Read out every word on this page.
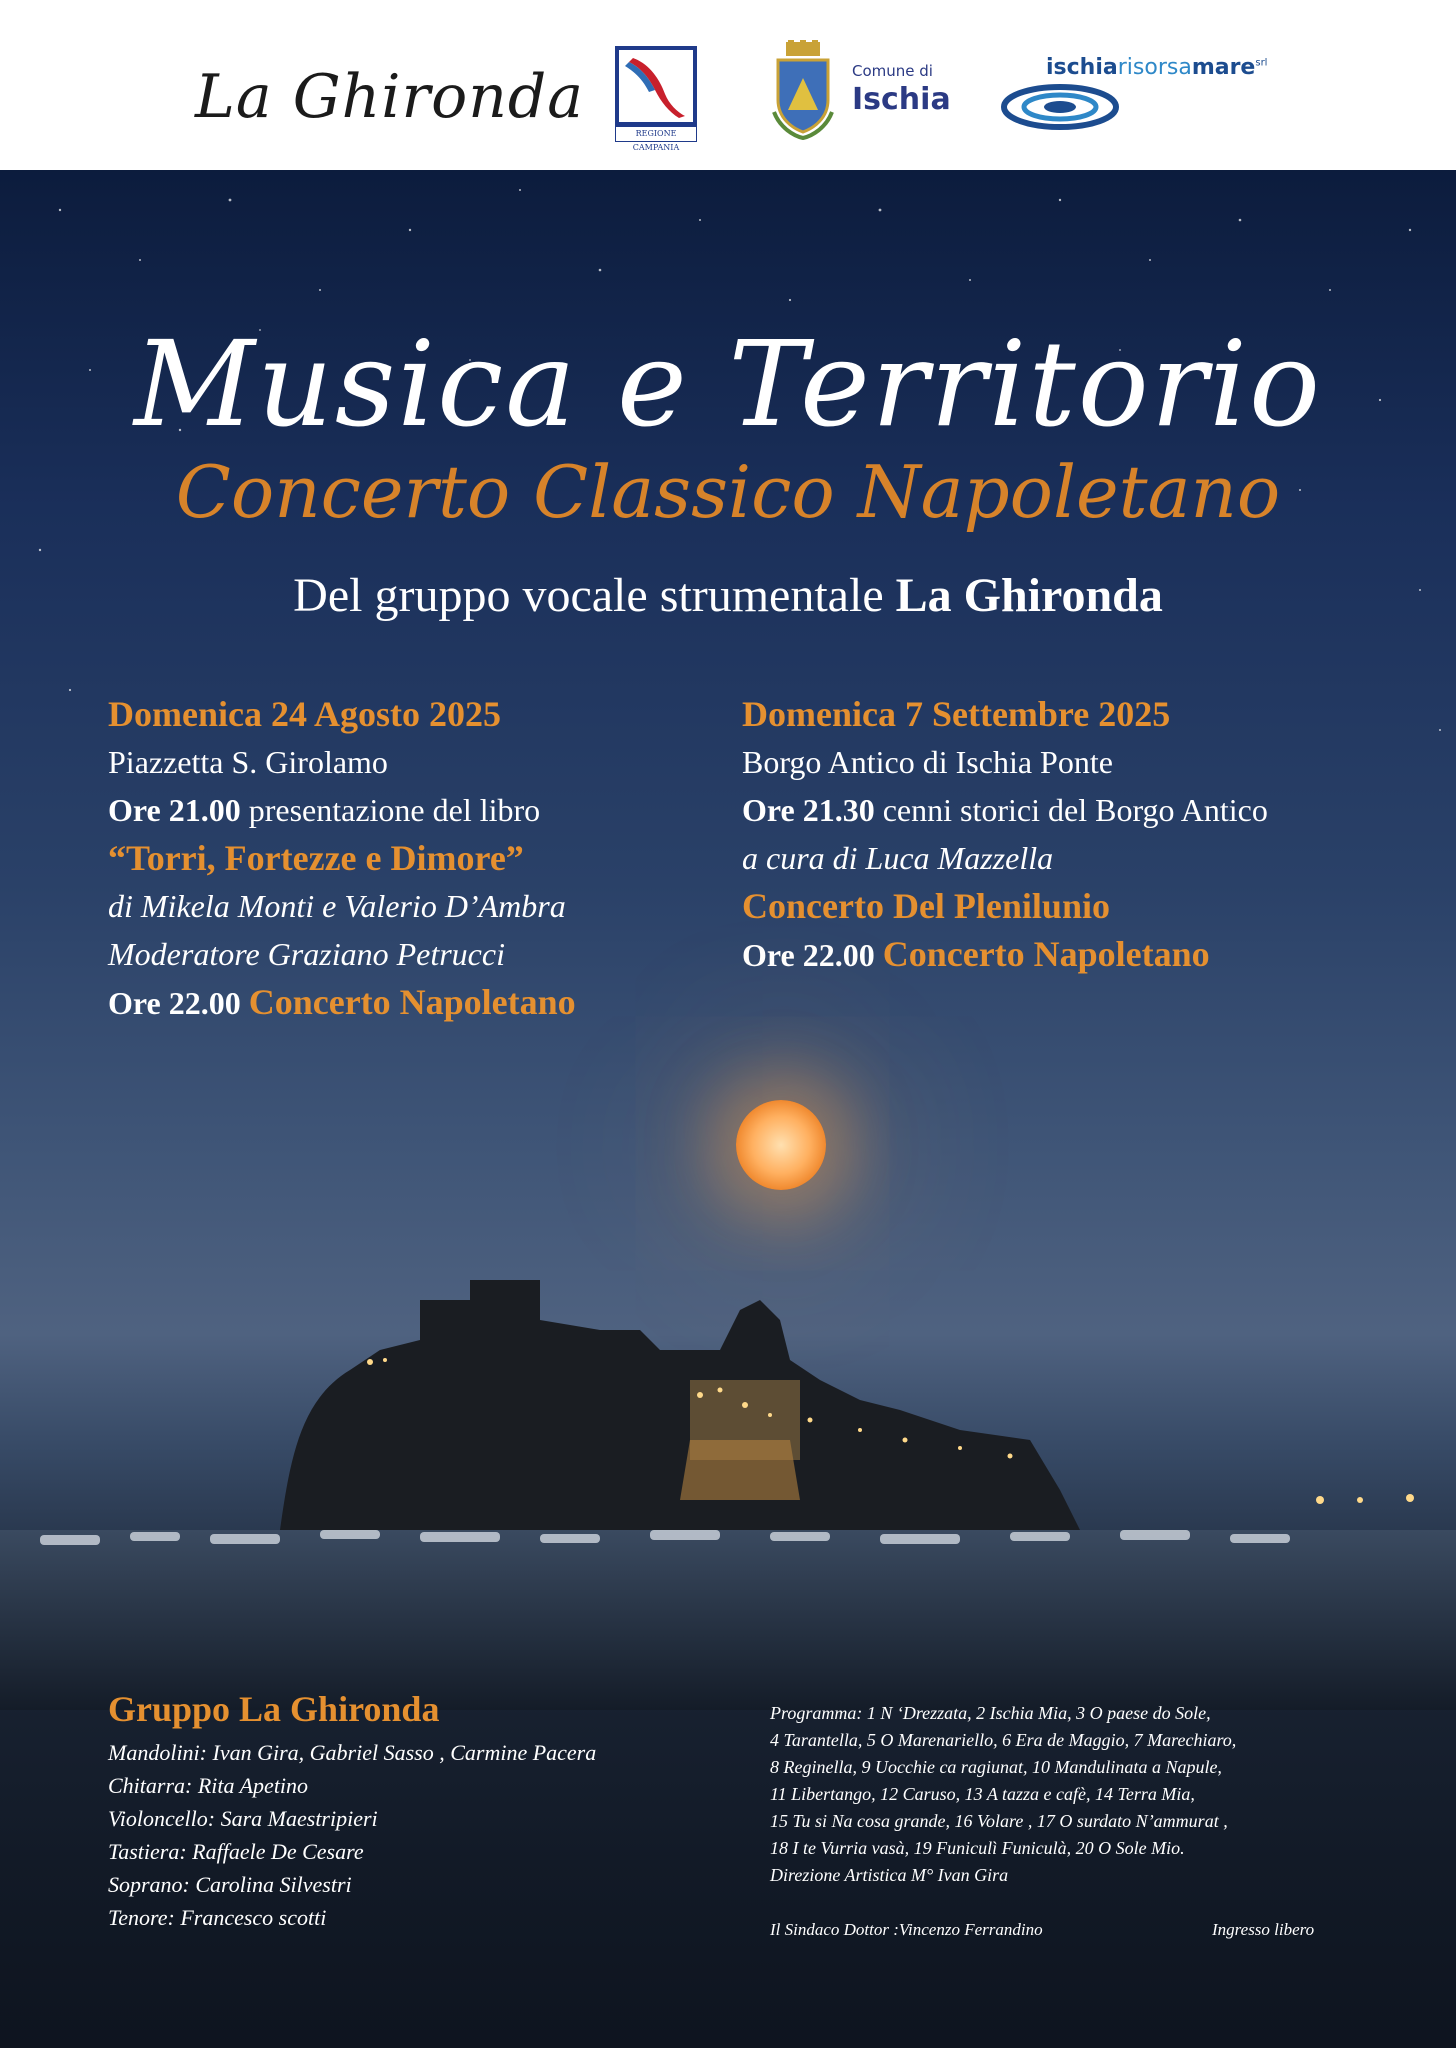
La Ghironda
REGIONE CAMPANIA
Comune di
Ischia
ischiarisorsamare$^{srl}$
Musica e Territorio
Concerto Classico Napoletano
Del gruppo vocale strumentale La Ghironda
Domenica 24 Agosto 2025
Piazzetta S. Girolamo
Ore 21.00 presentazione del libro
“Torri, Fortezze e Dimore”
di Mikela Monti e Valerio D’Ambra
Moderatore Graziano Petrucci
Ore 22.00 Concerto Napoletano
Domenica 7 Settembre 2025
Borgo Antico di Ischia Ponte
Ore 21.30 cenni storici del Borgo Antico
a cura di Luca Mazzella
Concerto Del Plenilunio
Ore 22.00 Concerto Napoletano
Gruppo La Ghironda
Mandolini: Ivan Gira, Gabriel Sasso , Carmine Pacera
Chitarra: Rita Apetino
Violoncello: Sara Maestripieri
Tastiera: Raffaele De Cesare
Soprano: Carolina Silvestri
Tenore: Francesco scotti
Programma: 1 N ‘Drezzata, 2 Ischia Mia, 3 O paese do Sole,
4 Tarantella, 5 O Marenariello, 6 Era de Maggio, 7 Marechiaro,
8 Reginella, 9 Uocchie ca ragiunat, 10 Mandulinata a Napule,
11 Libertango, 12 Caruso, 13 A tazza e cafè, 14 Terra Mia,
15 Tu si Na cosa grande, 16 Volare , 17 O surdato N’ammurat ,
18 I te Vurria vasà, 19 Funiculì Funiculà, 20 O Sole Mio.
Direzione Artistica M° Ivan Gira
Il Sindaco Dottor :Vincenzo Ferrandino	Ingresso libero
